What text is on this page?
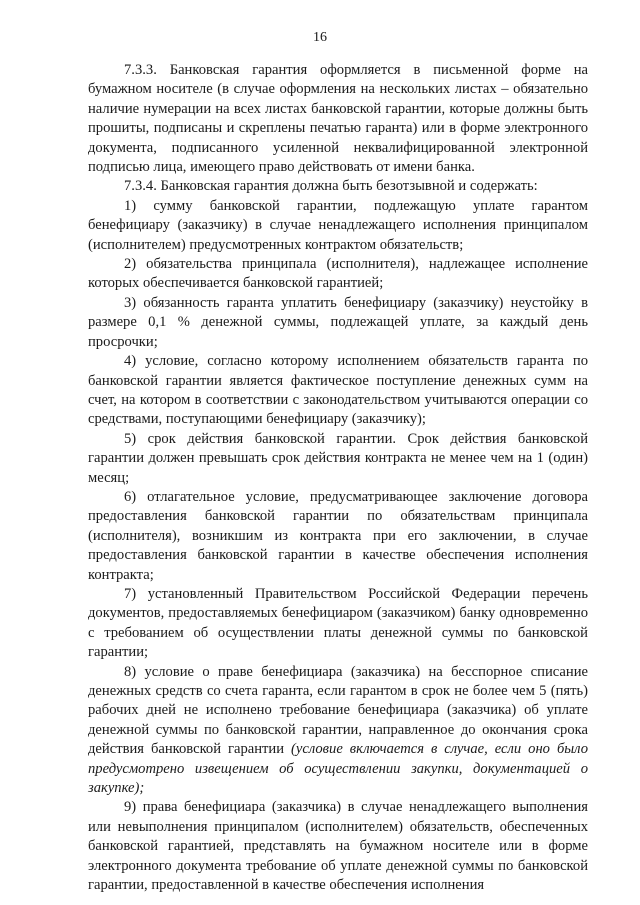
16

7.3.3. Банковская гарантия оформляется в письменной форме на бумажном носителе (в случае оформления на нескольких листах – обязательно наличие нумерации на всех листах банковской гарантии, которые должны быть прошиты, подписаны и скреплены печатью гаранта) или в форме электронного документа, подписанного усиленной неквалифицированной электронной подписью лица, имеющего право действовать от имени банка.

7.3.4. Банковская гарантия должна быть безотзывной и содержать:

1) сумму банковской гарантии, подлежащую уплате гарантом бенефициару (заказчику) в случае ненадлежащего исполнения принципалом (исполнителем) предусмотренных контрактом обязательств;

2) обязательства принципала (исполнителя), надлежащее исполнение которых обеспечивается банковской гарантией;

3) обязанность гаранта уплатить бенефициару (заказчику) неустойку в размере 0,1 % денежной суммы, подлежащей уплате, за каждый день просрочки;

4) условие, согласно которому исполнением обязательств гаранта по банковской гарантии является фактическое поступление денежных сумм на счет, на котором в соответствии с законодательством учитываются операции со средствами, поступающими бенефициару (заказчику);

5) срок действия банковской гарантии. Срок действия банковской гарантии должен превышать срок действия контракта не менее чем на 1 (один) месяц;

6) отлагательное условие, предусматривающее заключение договора предоставления банковской гарантии по обязательствам принципала (исполнителя), возникшим из контракта при его заключении, в случае предоставления банковской гарантии в качестве обеспечения исполнения контракта;

7) установленный Правительством Российской Федерации перечень документов, предоставляемых бенефициаром (заказчиком) банку одновременно с требованием об осуществлении платы денежной суммы по банковской гарантии;

8) условие о праве бенефициара (заказчика) на бесспорное списание денежных средств со счета гаранта, если гарантом в срок не более чем 5 (пять) рабочих дней не исполнено требование бенефициара (заказчика) об уплате денежной суммы по банковской гарантии, направленное до окончания срока действия банковской гарантии (условие включается в случае, если оно было предусмотрено извещением об осуществлении закупки, документацией о закупке);

9) права бенефициара (заказчика) в случае ненадлежащего выполнения или невыполнения принципалом (исполнителем) обязательств, обеспеченных банковской гарантией, представлять на бумажном носителе или в форме электронного документа требование об уплате денежной суммы по банковской гарантии, предоставленной в качестве обеспечения исполнения
